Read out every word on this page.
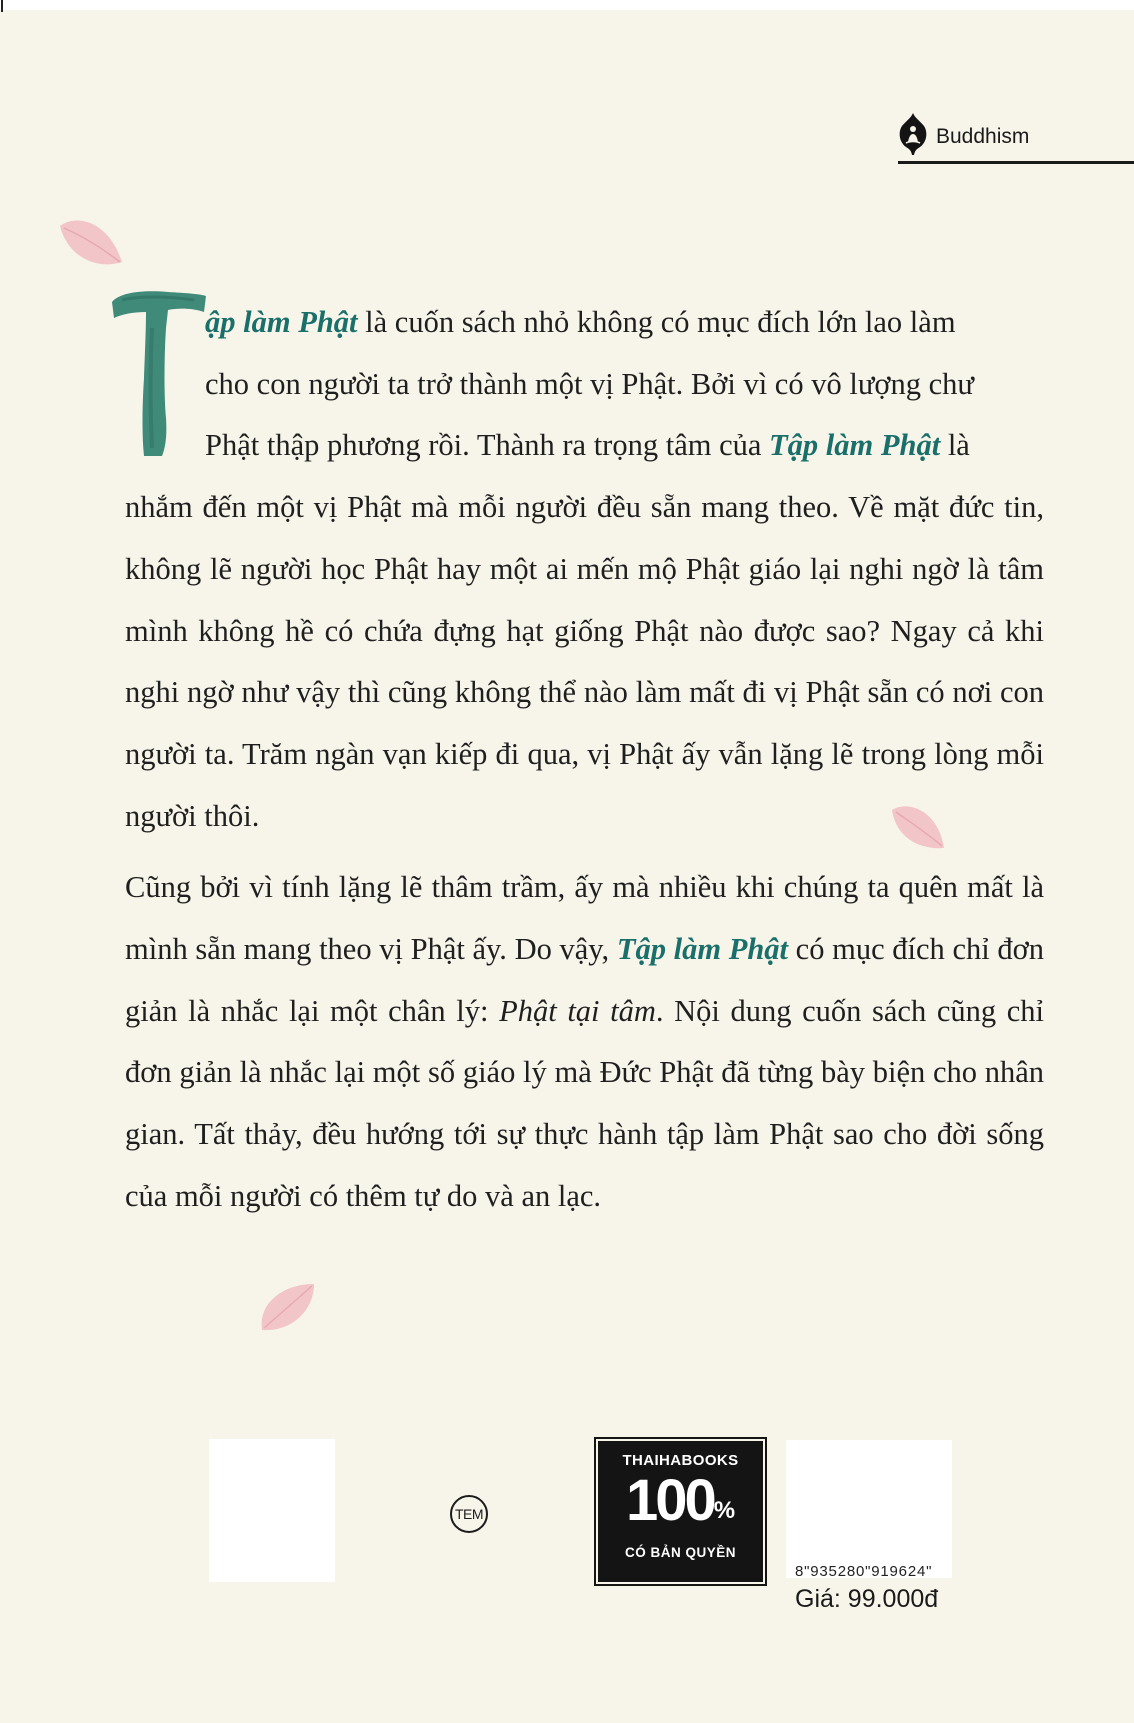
Buddhism
T

ập làm Phật là cuốn sách nhỏ không có mục đích lớn lao làm
cho con người ta trở thành một vị Phật. Bởi vì có vô lượng chư
Phật thập phương rồi. Thành ra trọng tâm của Tập làm Phật là
nhắm đến một vị Phật mà mỗi người đều sẵn mang theo. Về mặt đức tin, không lẽ người học Phật hay một ai mến mộ Phật giáo lại nghi ngờ là tâm mình không hề có chứa đựng hạt giống Phật nào được sao? Ngay cả khi nghi ngờ như vậy thì cũng không thể nào làm mất đi vị Phật sẵn có nơi con người ta. Trăm ngàn vạn kiếp đi qua, vị Phật ấy vẫn lặng lẽ trong lòng mỗi người thôi.

Cũng bởi vì tính lặng lẽ thâm trầm, ấy mà nhiều khi chúng ta quên mất là mình sẵn mang theo vị Phật ấy. Do vậy, Tập làm Phật có mục đích chỉ đơn giản là nhắc lại một chân lý: Phật tại tâm. Nội dung cuốn sách cũng chỉ đơn giản là nhắc lại một số giáo lý mà Đức Phật đã từng bày biện cho nhân gian. Tất thảy, đều hướng tới sự thực hành tập làm Phật sao cho đời sống của mỗi người có thêm tự do và an lạc.

TEM
THAIHABOOKS
100%
CÓ BẢN QUYỀN
8"935280"919624"
Giá: 99.000đ
